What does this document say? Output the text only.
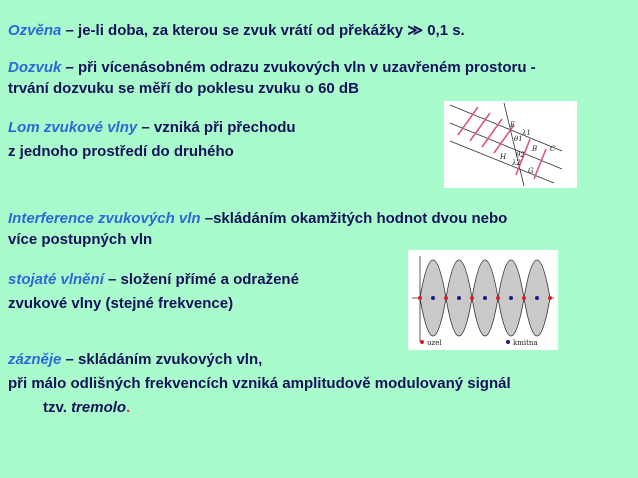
Ozvěna – je-li doba, za kterou se zvuk vrátí od překážky ≫ 0,1 s.
Dozvuk – při vícenásobném odrazu zvukových vln v uzavřeném prostoru -
trvání dozvuku se měří do poklesu zvuku o 60 dB
Lom zvukové vlny – vzniká při přechodu
z jednoho prostředí do druhého
Interference zvukových vln –skládáním okamžitých hodnot dvou nebo
více postupných vln
stojaté vlnění – složení přímé a odražené
zvukové vlny (stejné frekvence)
zázněje – skládáním zvukových vln,
při málo odlišných frekvencích vzniká amplitudově modulovaný signál
tzv. tremolo.
E
λ1
θ1
θ2
B
H
λ2
C
G
uzel	kmitna
